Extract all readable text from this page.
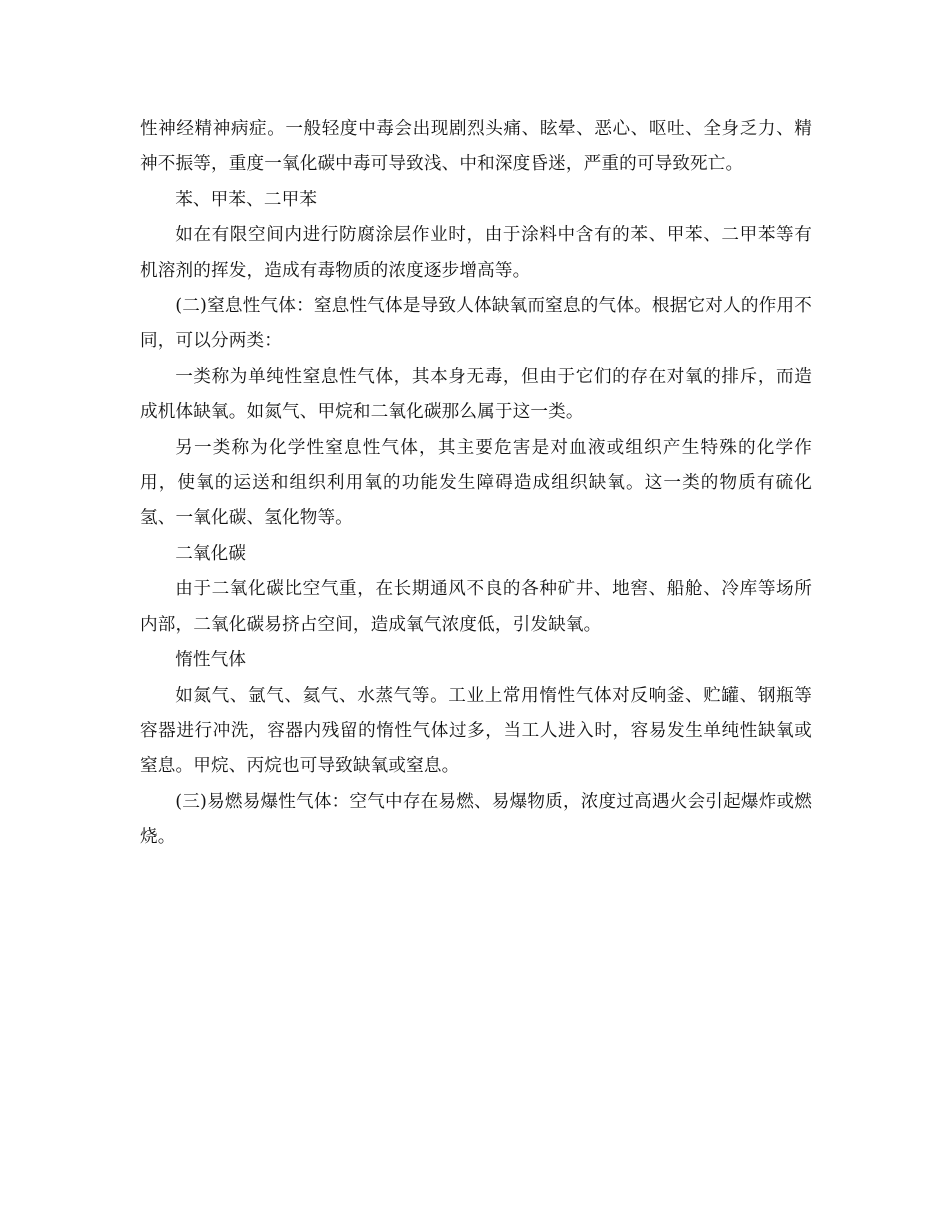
性神经精神病症。一般轻度中毒会出现剧烈头痛、眩晕、恶心、呕吐、全身乏力、精神不振等，重度一氧化碳中毒可导致浅、中和深度昏迷，严重的可导致死亡。

苯、甲苯、二甲苯

如在有限空间内进行防腐涂层作业时，由于涂料中含有的苯、甲苯、二甲苯等有机溶剂的挥发，造成有毒物质的浓度逐步增高等。

(二)窒息性气体：窒息性气体是导致人体缺氧而窒息的气体。根据它对人的作用不同，可以分两类：

一类称为单纯性窒息性气体，其本身无毒，但由于它们的存在对氧的排斥，而造成机体缺氧。如氮气、甲烷和二氧化碳那么属于这一类。

另一类称为化学性窒息性气体，其主要危害是对血液或组织产生特殊的化学作用，使氧的运送和组织利用氧的功能发生障碍造成组织缺氧。这一类的物质有硫化氢、一氧化碳、氢化物等。

二氧化碳

由于二氧化碳比空气重，在长期通风不良的各种矿井、地窖、船舱、冷库等场所内部，二氧化碳易挤占空间，造成氧气浓度低，引发缺氧。

惰性气体

如氮气、氩气、氦气、水蒸气等。工业上常用惰性气体对反响釜、贮罐、钢瓶等容器进行冲洗，容器内残留的惰性气体过多，当工人进入时，容易发生单纯性缺氧或窒息。甲烷、丙烷也可导致缺氧或窒息。

(三)易燃易爆性气体：空气中存在易燃、易爆物质，浓度过高遇火会引起爆炸或燃烧。
